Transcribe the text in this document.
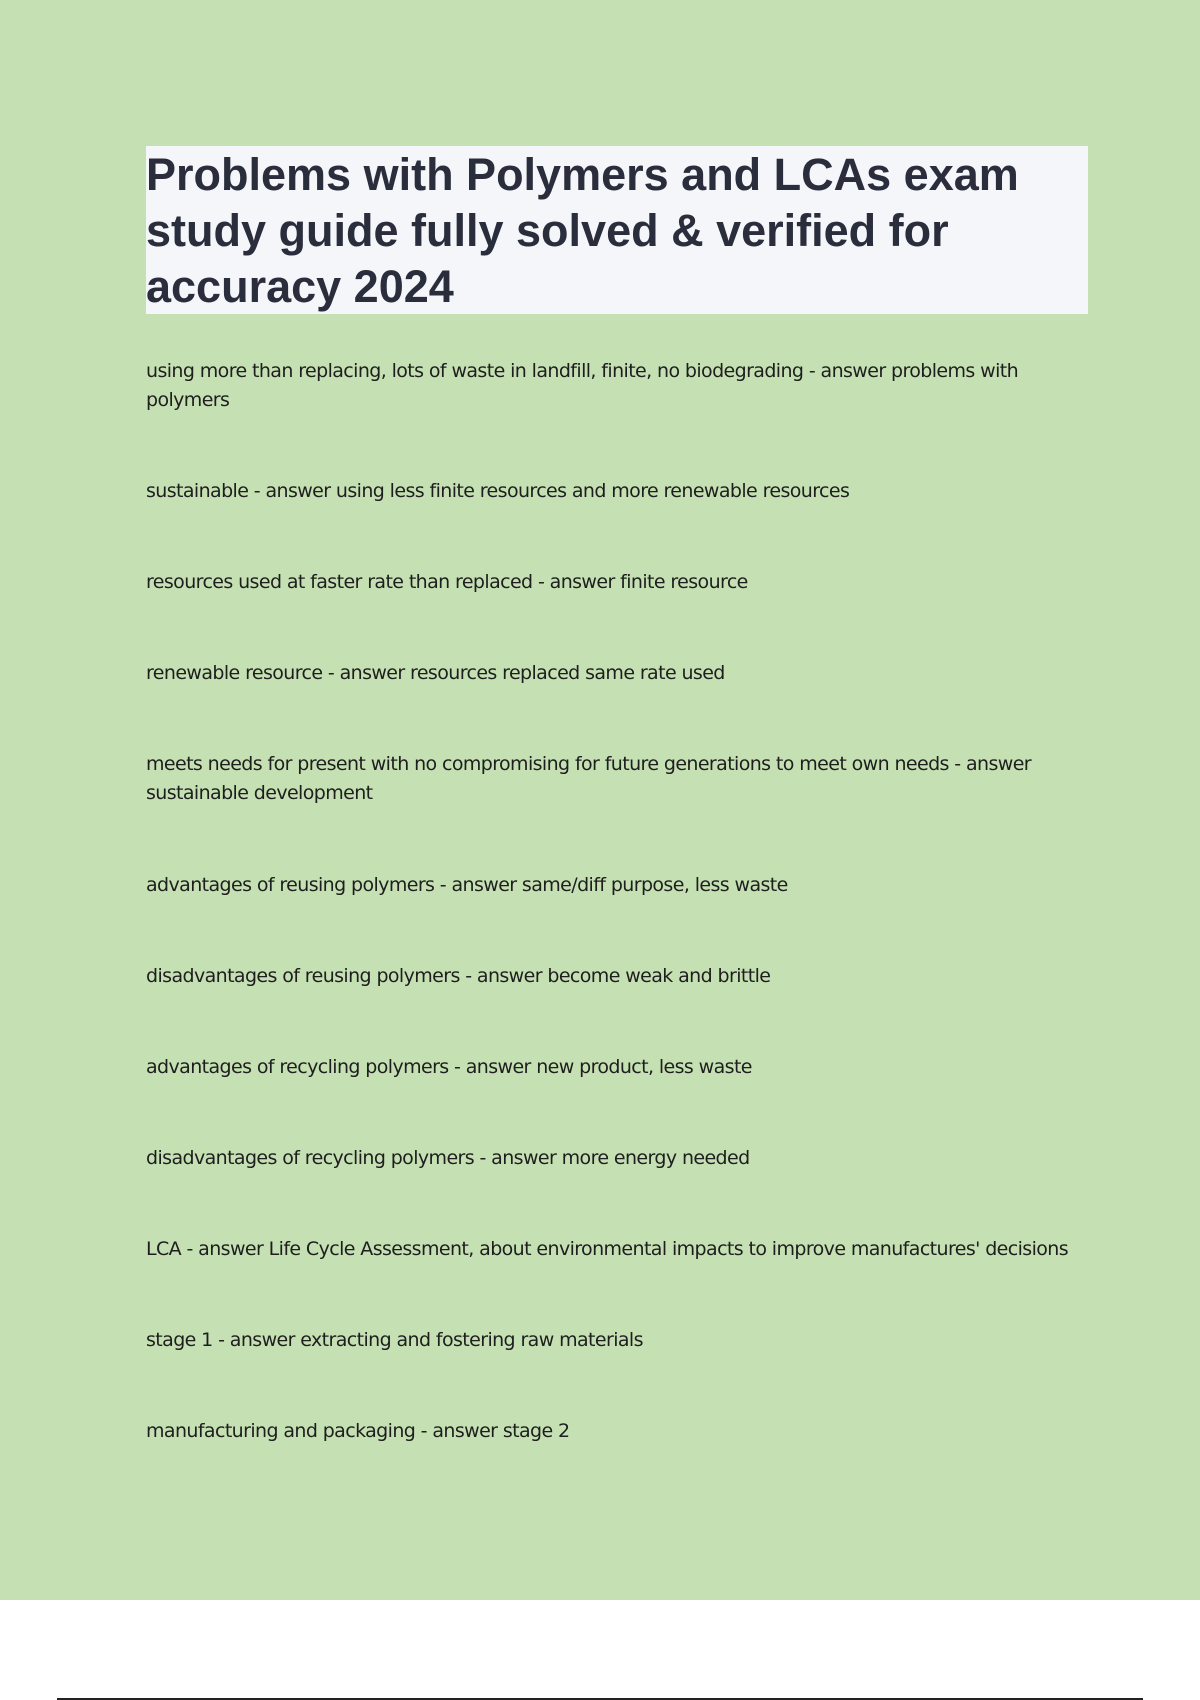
Problems with Polymers and LCAs exam study guide fully solved & verified for accuracy 2024

using more than replacing, lots of waste in landfill, finite, no biodegrading - answer problems with polymers

sustainable - answer using less finite resources and more renewable resources

resources used at faster rate than replaced - answer finite resource

renewable resource - answer resources replaced same rate used

meets needs for present with no compromising for future generations to meet own needs - answer sustainable development

advantages of reusing polymers - answer same/diff purpose, less waste

disadvantages of reusing polymers - answer become weak and brittle

advantages of recycling polymers - answer new product, less waste

disadvantages of recycling polymers - answer more energy needed

LCA - answer Life Cycle Assessment, about environmental impacts to improve manufactures' decisions

stage 1 - answer extracting and fostering raw materials

manufacturing and packaging - answer stage 2
